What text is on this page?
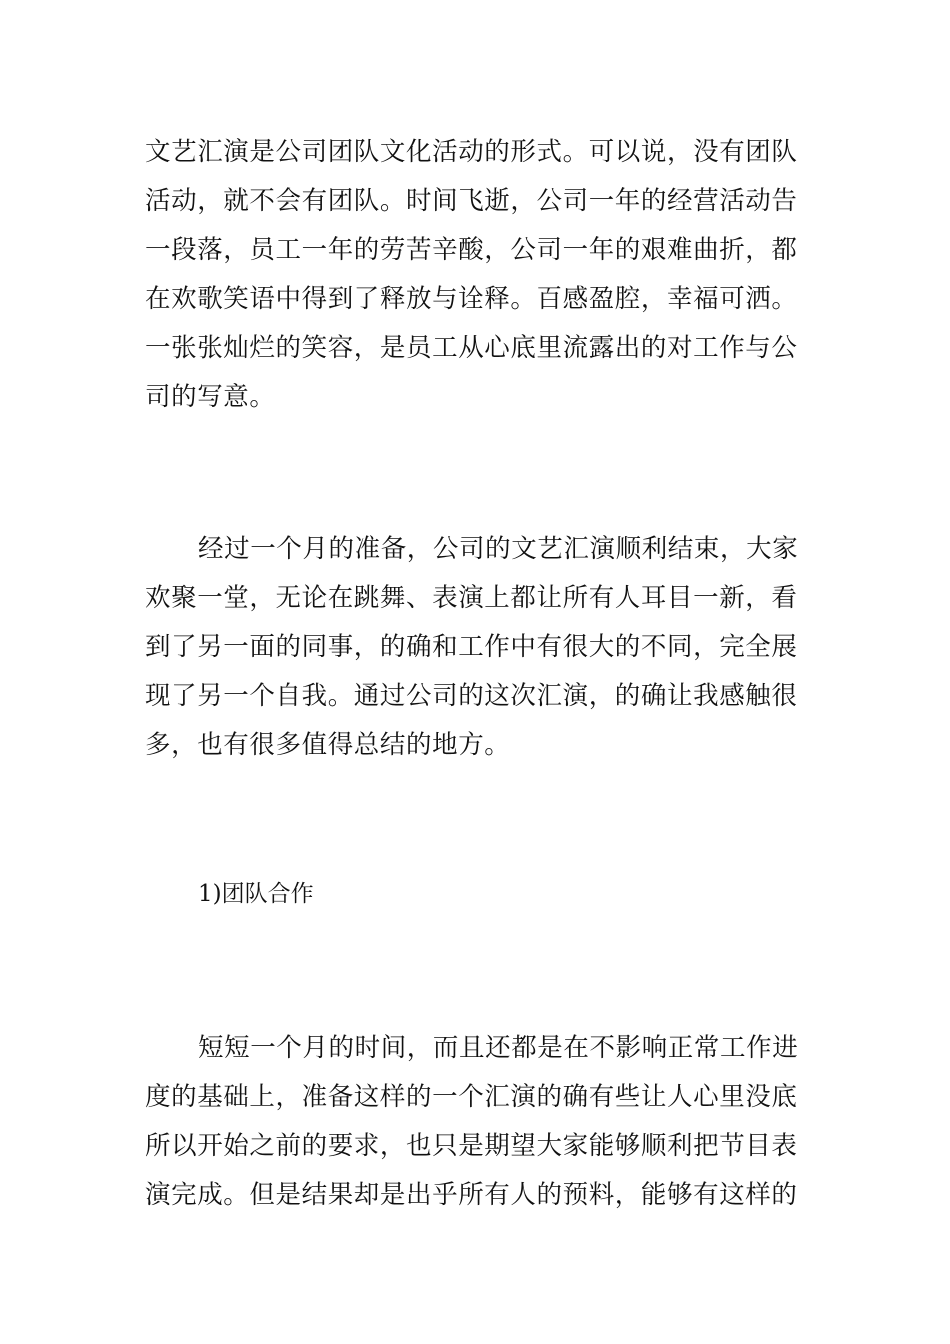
文艺汇演是公司团队文化活动的形式。可以说，没有团队
活动，就不会有团队。时间飞逝，公司一年的经营活动告
一段落，员工一年的劳苦辛酸，公司一年的艰难曲折，都
在欢歌笑语中得到了释放与诠释。百感盈腔，幸福可洒。
一张张灿烂的笑容，是员工从心底里流露出的对工作与公
司的写意。

经过一个月的准备，公司的文艺汇演顺利结束，大家
欢聚一堂，无论在跳舞、表演上都让所有人耳目一新，看
到了另一面的同事，的确和工作中有很大的不同，完全展
现了另一个自我。通过公司的这次汇演，的确让我感触很
多，也有很多值得总结的地方。

1)团队合作

短短一个月的时间，而且还都是在不影响正常工作进
度的基础上，准备这样的一个汇演的确有些让人心里没底
所以开始之前的要求，也只是期望大家能够顺利把节目表
演完成。但是结果却是出乎所有人的预料，能够有这样的
